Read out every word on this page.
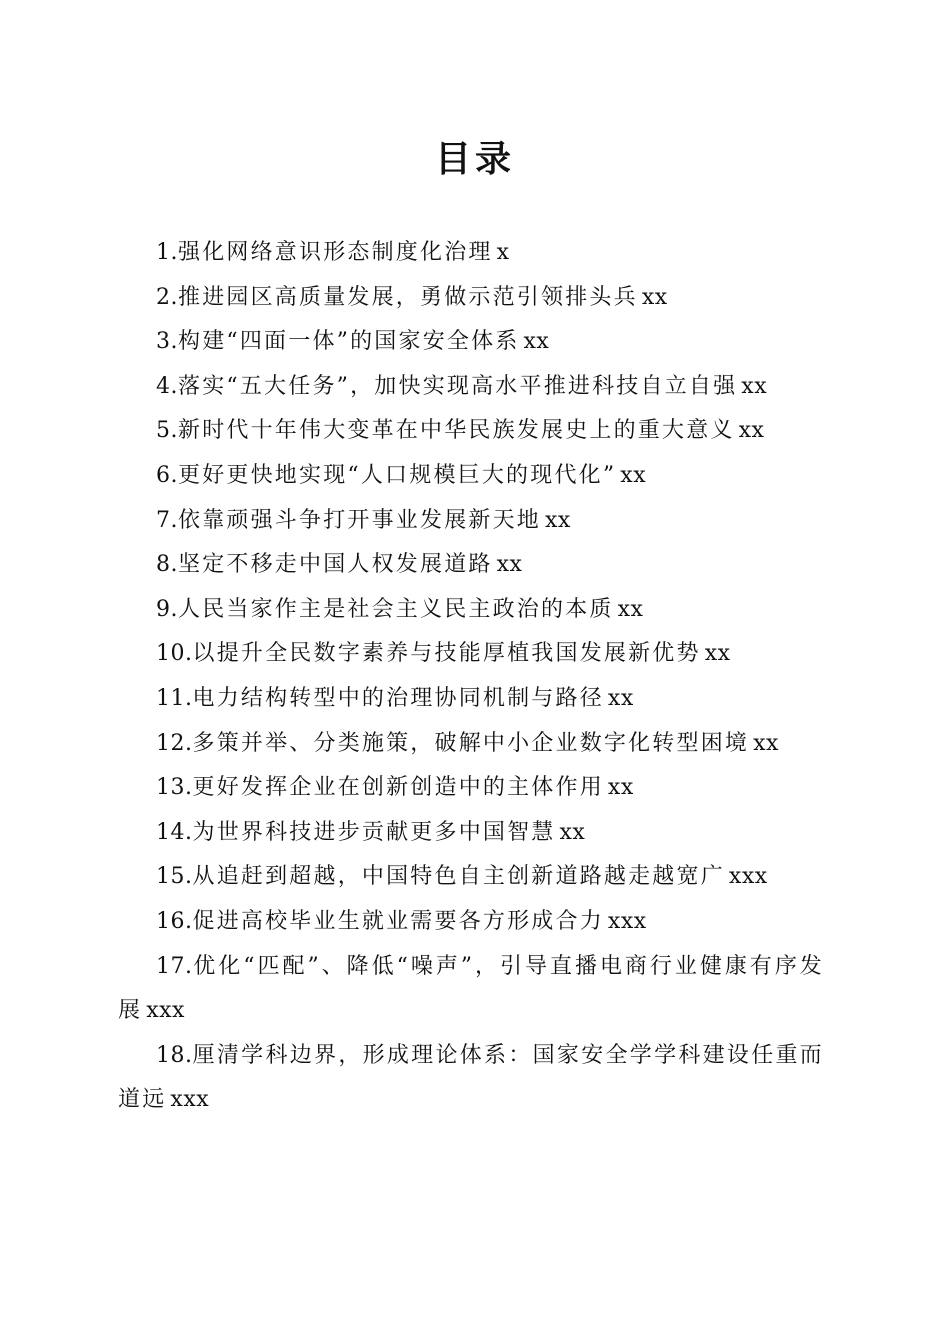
目录
1.强化网络意识形态制度化治理 x
2.推进园区高质量发展，勇做示范引领排头兵 xx
3.构建“四面一体”的国家安全体系 xx
4.落实“五大任务”，加快实现高水平推进科技自立自强 xx
5.新时代十年伟大变革在中华民族发展史上的重大意义 xx
6.更好更快地实现“人口规模巨大的现代化” xx
7.依靠顽强斗争打开事业发展新天地 xx
8.坚定不移走中国人权发展道路 xx
9.人民当家作主是社会主义民主政治的本质 xx
10.以提升全民数字素养与技能厚植我国发展新优势 xx
11.电力结构转型中的治理协同机制与路径 xx
12.多策并举、分类施策，破解中小企业数字化转型困境 xx
13.更好发挥企业在创新创造中的主体作用 xx
14.为世界科技进步贡献更多中国智慧 xx
15.从追赶到超越，中国特色自主创新道路越走越宽广 xxx
16.促进高校毕业生就业需要各方形成合力 xxx
17.优化“匹配”、降低“噪声”，引导直播电商行业健康有序发展 xxx
18.厘清学科边界，形成理论体系：国家安全学学科建设任重而道远 xxx
